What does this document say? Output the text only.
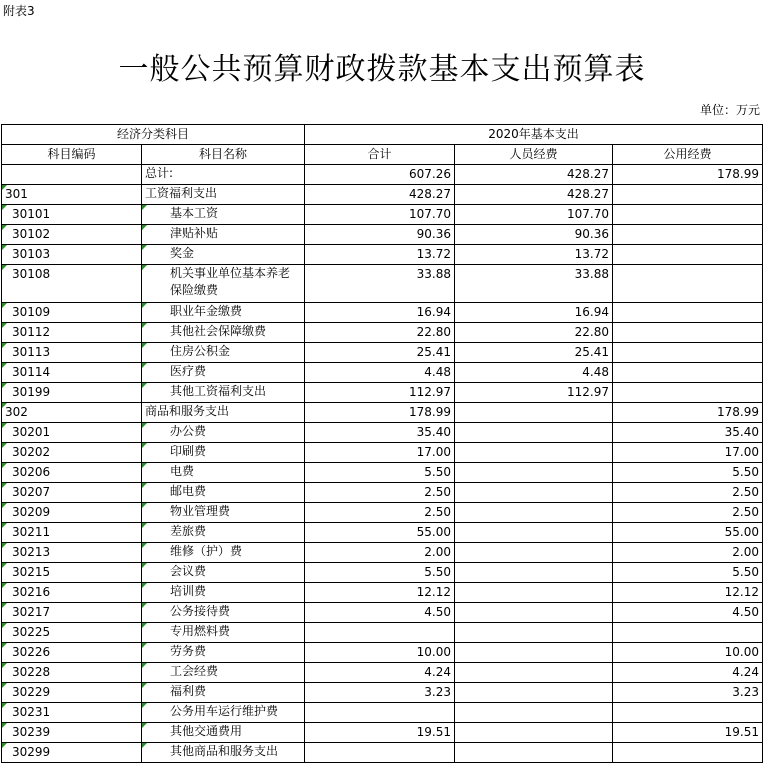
附表3
一般公共预算财政拨款基本支出预算表
单位：万元
经济分类科目		2020年基本支出		
科目编码	科目名称	合计	人员经费	公用经费
	总计:	607.26	428.27	178.99
301	工资福利支出	428.27	428.27	
30101	基本工资	107.70	107.70	
30102	津贴补贴	90.36	90.36	
30103	奖金	13.72	13.72	
30108	机关事业单位基本养老保险缴费	33.88	33.88	
30109	职业年金缴费	16.94	16.94	
30112	其他社会保障缴费	22.80	22.80	
30113	住房公积金	25.41	25.41	
30114	医疗费	4.48	4.48	
30199	其他工资福利支出	112.97	112.97	
302	商品和服务支出	178.99		178.99
30201	办公费	35.40		35.40
30202	印刷费	17.00		17.00
30206	电费	5.50		5.50
30207	邮电费	2.50		2.50
30209	物业管理费	2.50		2.50
30211	差旅费	55.00		55.00
30213	维修（护）费	2.00		2.00
30215	会议费	5.50		5.50
30216	培训费	12.12		12.12
30217	公务接待费	4.50		4.50
30225	专用燃料费			
30226	劳务费	10.00		10.00
30228	工会经费	4.24		4.24
30229	福利费	3.23		3.23
30231	公务用车运行维护费			
30239	其他交通费用	19.51		19.51
30299	其他商品和服务支出			
